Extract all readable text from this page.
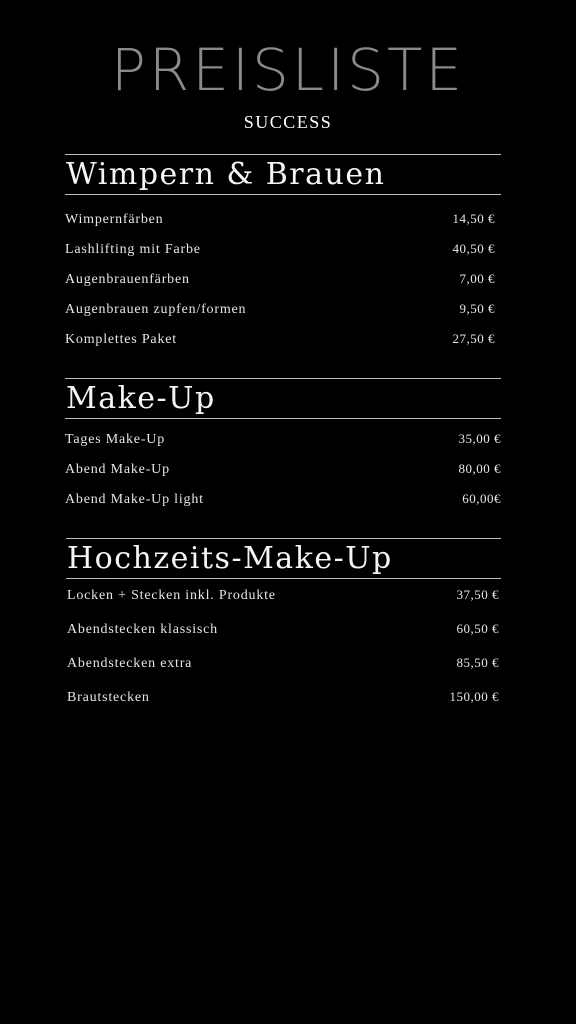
PREISLISTE
SUCCESS
Wimpern & Brauen
Wimpernfärben	14,50 €
Lashlifting mit Farbe	40,50 €
Augenbrauenfärben	7,00 €
Augenbrauen zupfen/formen	9,50 €
Komplettes Paket	27,50 €
Make-Up
Tages Make-Up	35,00 €
Abend Make-Up	80,00 €
Abend Make-Up light	60,00€
Hochzeits-Make-Up
Locken + Stecken inkl. Produkte	37,50 €
Abendstecken klassisch	60,50 €
Abendstecken extra	85,50 €
Brautstecken	150,00 €
